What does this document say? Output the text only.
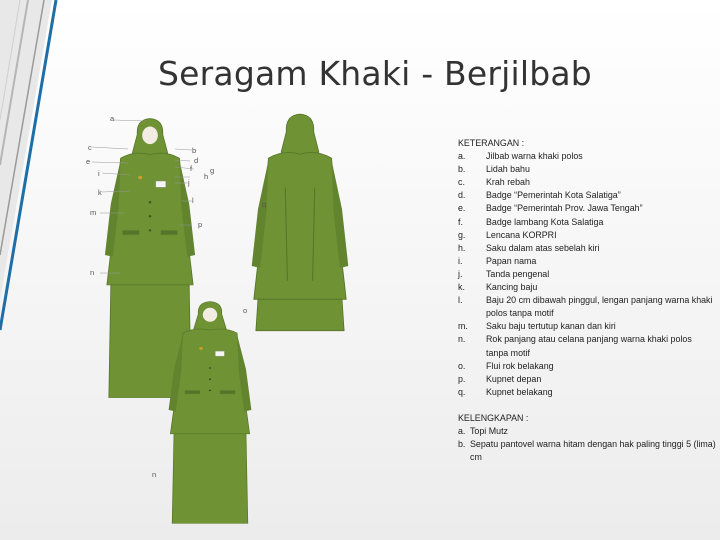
Seragam Khaki - Berjilbab
a
b
c
d
e
f g
h
i
j
k
l
m
n
o
p
q
n
KETERANGAN :
a.	Jilbab warna khaki polos
b.	Lidah bahu
c.	Krah rebah
d.	Badge “Pemerintah Kota Salatiga”
e.	Badge “Pemerintah Prov. Jawa Tengah”
f.	Badge lambang Kota Salatiga
g.	Lencana KORPRI
h.	Saku dalam atas sebelah kiri
i.	Papan nama
j.	Tanda pengenal
k.	Kancing baju
l.	Baju 20 cm dibawah pinggul, lengan panjang warna khaki polos tanpa motif
m.	Saku baju tertutup kanan dan kiri
n.	Rok panjang atau celana panjang warna khaki polos tanpa motif
o.	Flui rok belakang
p.	Kupnet depan
q.	Kupnet belakang
KELENGKAPAN :
a. Topi Mutz
b. Sepatu pantovel warna hitam dengan hak paling tinggi 5 (lima) cm
